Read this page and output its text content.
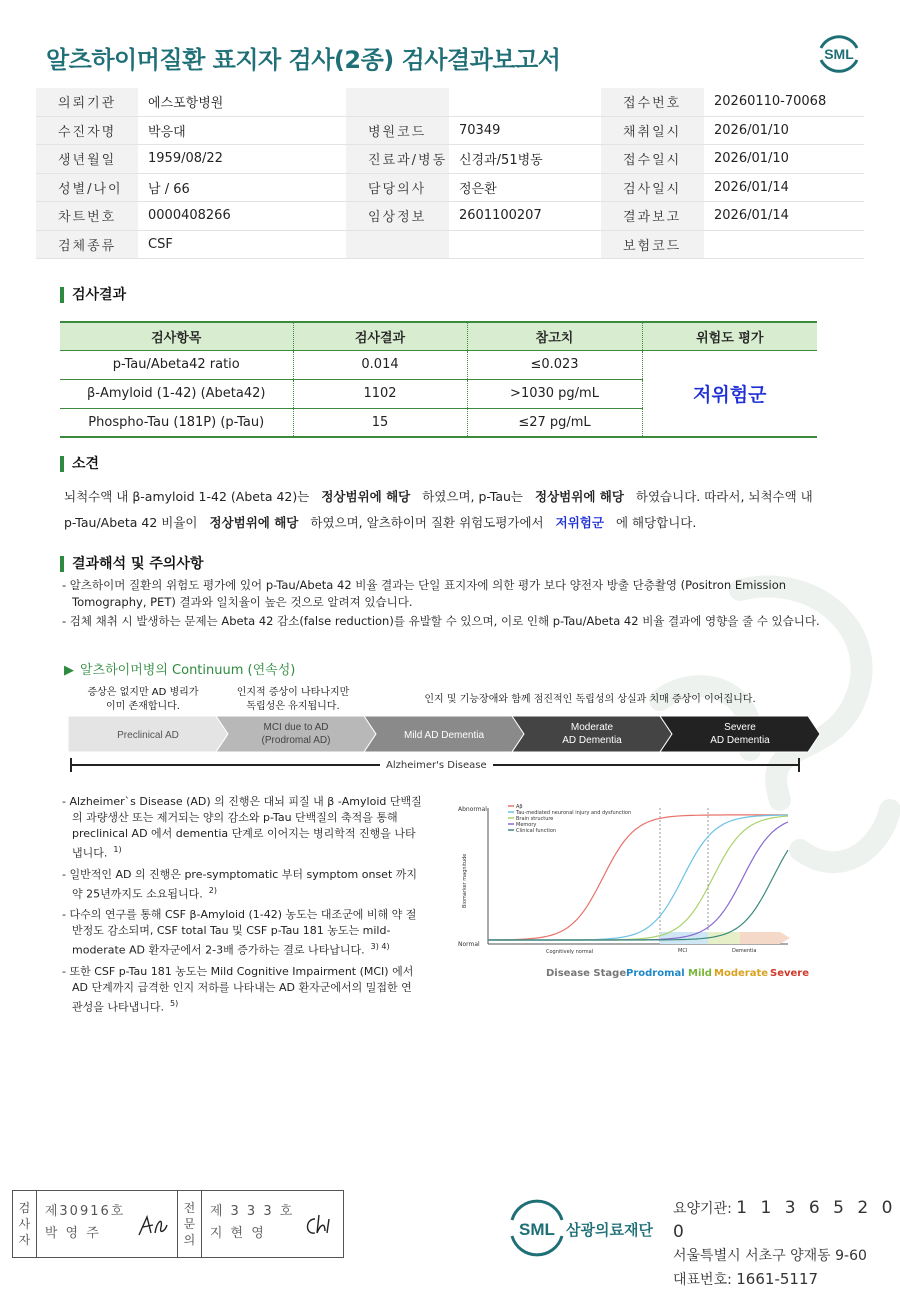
알츠하이머질환 표지자 검사(2종) 검사결과보고서	SML
의뢰기관	에스포항병원	접수번호	20260110-70068
수진자명	박응대	병원코드	70349	채취일시	2026/01/10
생년월일	1959/08/22	진료과/병동 신경과/51병동	접수일시	2026/01/10
성별/나이	남 / 66	담당의사	정은환	검사일시	2026/01/14
차트번호	0000408266	임상정보	2601100207	결과보고	2026/01/14
검체종류	CSF	보험코드
검사결과
검사항목	검사결과	참고치	위험도 평가
p-Tau/Abeta42 ratio	0.014	≤0.023	저위험군
β-Amyloid (1-42) (Abeta42)	1102	>1030 pg/mL	
Phospho-Tau (181P) (p-Tau)	15	≤27 pg/mL	
소견
뇌척수액 내 β-amyloid 1-42 (Abeta 42)는 정상범위에 해당 하였으며, p-Tau는 정상범위에 해당 하였습니다. 따라서, 뇌척수액 내
p-Tau/Abeta 42 비율이 정상범위에 해당 하였으며, 알츠하이머 질환 위험도평가에서 저위험군 에 해당합니다.
결과해석 및 주의사항
- 알츠하이머 질환의 위험도 평가에 있어 p-Tau/Abeta 42 비율 결과는 단일 표지자에 의한 평가 보다 양전자 방출 단층촬영 (Positron Emission Tomography, PET) 결과와 일치율이 높은 것으로 알려져 있습니다.
- 검체 채취 시 발생하는 문제는 Abeta 42 감소(false reduction)를 유발할 수 있으며, 이로 인해 p-Tau/Abeta 42 비율 결과에 영향을 줄 수 있습니다.
▶ 알츠하이머병의 Continuum (연속성)
증상은 없지만 AD 병리가
이미 존재합니다.
인지적 증상이 나타나지만
독립성은 유지됩니다.
인지 및 기능장애와 함께 점진적인 독립성의 상실과 치매 증상이 이어집니다.
Preclinical AD
MCI due to AD
(Prodromal AD)	Mild AD Dementia
Moderate
AD Dementia
Severe
AD Dementia
Alzheimer's Disease
- Alzheimer`s Disease (AD) 의 진행은 대뇌 피질 내 β -Amyloid 단백질의 과량생산 또는 제거되는 양의 감소와 p-Tau 단백질의 축적을 통해 preclinical AD 에서 dementia 단계로 이어지는 병리학적 진행을 나타냅니다. $^{1)}$
- 일반적인 AD 의 진행은 pre-symptomatic 부터 symptom onset 까지 약 25년까지도 소요됩니다. $^{2)}$
- 다수의 연구를 통해 CSF β-Amyloid (1-42) 농도는 대조군에 비해 약 절반정도 감소되며, CSF total Tau 및 CSF p-Tau 181 농도는 mild-moderate AD 환자군에서 2-3배 증가하는 결로 나타납니다. $^{3) 4)}$
- 또한 CSF p-Tau 181 농도는 Mild Cognitive Impairment (MCI) 에서 AD 단계까지 급격한 인지 저하를 나타내는 AD 환자군에서의 밀접한 연관성을 나타냅니다. $^{5)}$
Abnormal
Normal
Biomarker magnitude
Cognitively normal	MCI	Dementia
Aβ
Tau-mediated neuronal injury and dysfunction
Brain structure
Memory
Clinical function
Disease Stage Prodromal Mild Moderate Severe
검
사
자
제30916호
박 영 주
전
문
의
제 3 3 3 호
지 현 영	SML 삼광의료재단
요양기관: 1 1 3 6 5 2 0 0
서울특별시 서초구 양재동 9-60
대표번호: 1661-5117
